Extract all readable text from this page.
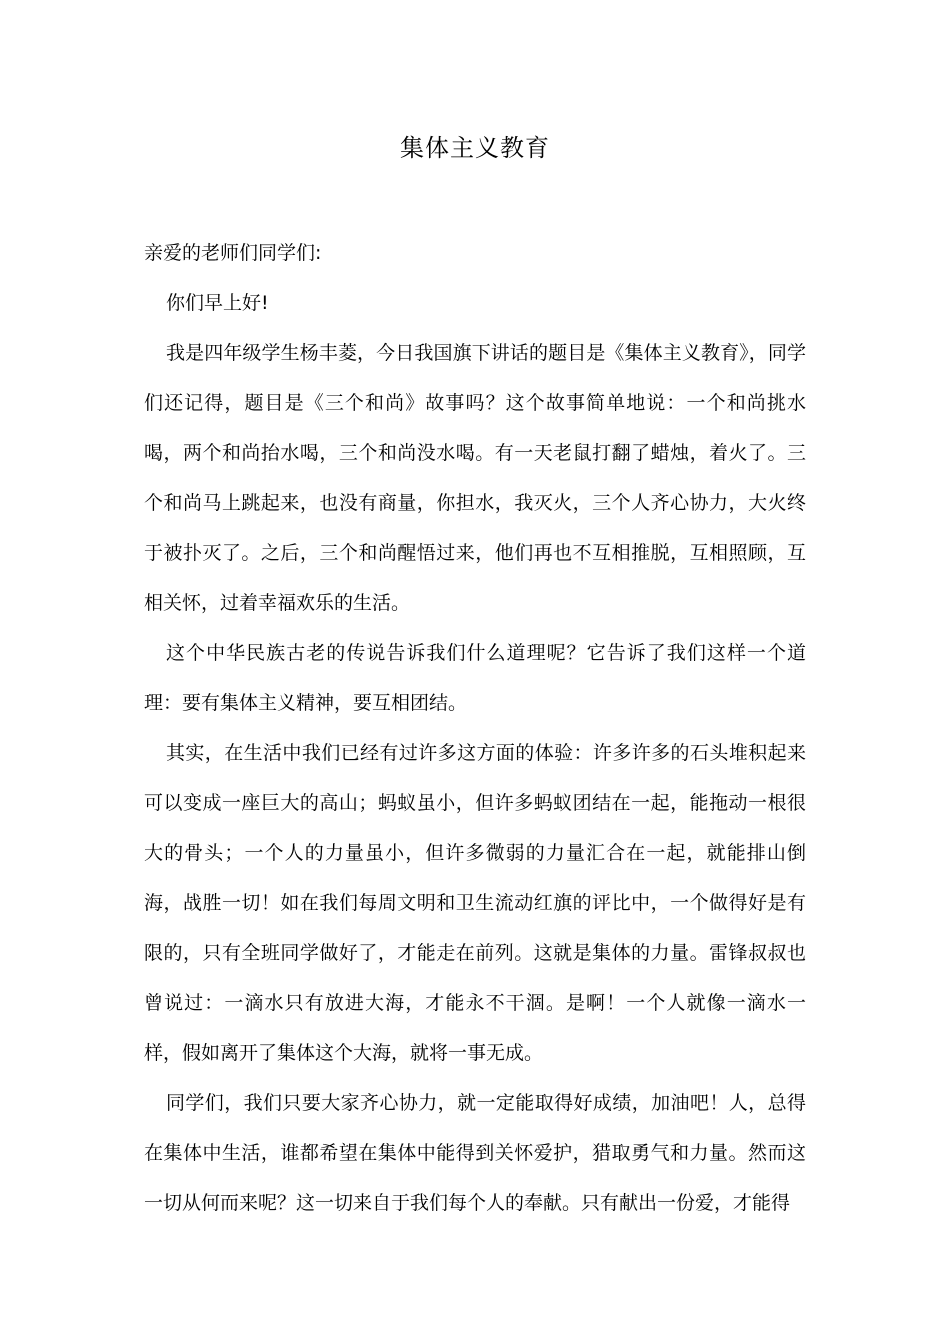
集体主义教育

亲爱的老师们同学们:

你们早上好!

我是四年级学生杨丰菱，今日我国旗下讲话的题目是《集体主义教育》，同学们还记得，题目是《三个和尚》故事吗？这个故事简单地说：一个和尚挑水喝，两个和尚抬水喝，三个和尚没水喝。有一天老鼠打翻了蜡烛，着火了。三个和尚马上跳起来，也没有商量，你担水，我灭火，三个人齐心协力，大火终于被扑灭了。之后，三个和尚醒悟过来，他们再也不互相推脱，互相照顾，互相关怀，过着幸福欢乐的生活。

这个中华民族古老的传说告诉我们什么道理呢？它告诉了我们这样一个道理：要有集体主义精神，要互相团结。

其实，在生活中我们已经有过许多这方面的体验：许多许多的石头堆积起来可以变成一座巨大的高山；蚂蚁虽小，但许多蚂蚁团结在一起，能拖动一根很大的骨头；一个人的力量虽小，但许多微弱的力量汇合在一起，就能排山倒海，战胜一切！如在我们每周文明和卫生流动红旗的评比中，一个做得好是有限的，只有全班同学做好了，才能走在前列。这就是集体的力量。雷锋叔叔也曾说过：一滴水只有放进大海，才能永不干涸。是啊！一个人就像一滴水一样，假如离开了集体这个大海，就将一事无成。

同学们，我们只要大家齐心协力，就一定能取得好成绩，加油吧！人，总得在集体中生活，谁都希望在集体中能得到关怀爱护，猎取勇气和力量。然而这一切从何而来呢？这一切来自于我们每个人的奉献。只有献出一份爱，才能得
